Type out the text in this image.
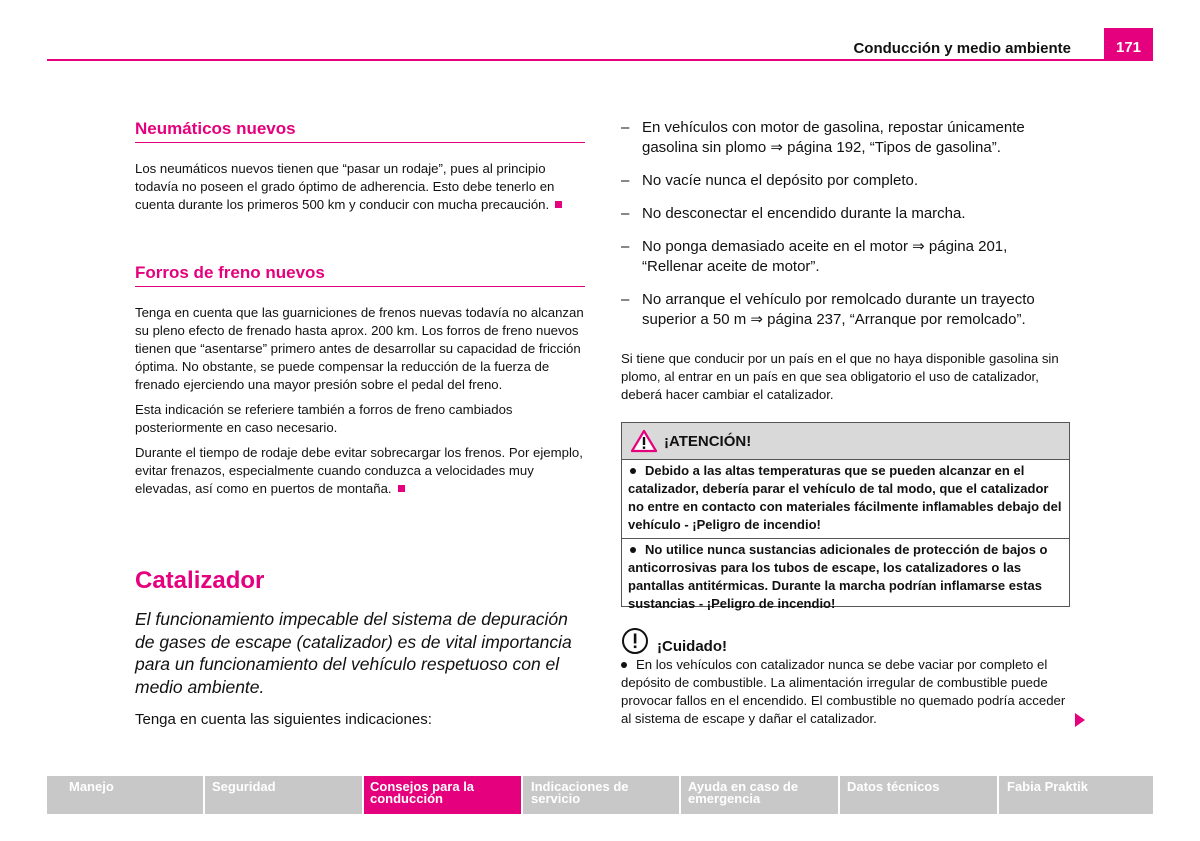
Conducción y medio ambiente	171
Neumáticos nuevos

Los neumáticos nuevos tienen que “pasar un rodaje”, pues al principio todavía no poseen el grado óptimo de adherencia. Esto debe tenerlo en cuenta durante los primeros 500 km y conducir con mucha precaución.

Forros de freno nuevos

Tenga en cuenta que las guarniciones de frenos nuevas todavía no alcanzan su pleno efecto de frenado hasta aprox. 200 km. Los forros de freno nuevos tienen que “asentarse” primero antes de desarrollar su capacidad de fricción óptima. No obstante, se puede compensar la reducción de la fuerza de frenado ejerciendo una mayor presión sobre el pedal del freno.

Esta indicación se referiere también a forros de freno cambiados posteriormente en caso necesario.

Durante el tiempo de rodaje debe evitar sobrecargar los frenos. Por ejemplo, evitar frenazos, especialmente cuando conduzca a velocidades muy elevadas, así como en puertos de montaña.

Catalizador
El funcionamiento impecable del sistema de depuración de gases de escape (catalizador) es de vital importancia para un funcionamiento del vehículo respetuoso con el medio ambiente.
Tenga en cuenta las siguientes indicaciones:
– En vehículos con motor de gasolina, repostar únicamente gasolina sin plomo ⇒ página 192, “Tipos de gasolina”.
– No vacíe nunca el depósito por completo.
– No desconectar el encendido durante la marcha.
– No ponga demasiado aceite en el motor ⇒ página 201, “Rellenar aceite de motor”.
– No arranque el vehículo por remolcado durante un trayecto superior a 50 m ⇒ página 237, “Arranque por remolcado”.
Si tiene que conducir por un país en el que no haya disponible gasolina sin plomo, al entrar en un país en que sea obligatorio el uso de catalizador, deberá hacer cambiar el catalizador.
¡ATENCIÓN!
Debido a las altas temperaturas que se pueden alcanzar en el catalizador, debería parar el vehículo de tal modo, que el catalizador no entre en contacto con materiales fácilmente inflamables debajo del vehículo - ¡Peligro de incendio!
No utilice nunca sustancias adicionales de protección de bajos o anticorrosivas para los tubos de escape, los catalizadores o las pantallas antitérmicas. Durante la marcha podrían inflamarse estas sustancias - ¡Peligro de incendio!
¡Cuidado!
En los vehículos con catalizador nunca se debe vaciar por completo el depósito de combustible. La alimentación irregular de combustible puede provocar fallos en el encendido. El combustible no quemado podría acceder al sistema de escape y dañar el catalizador.
Manejo	Seguridad	Consejos para la
conducción
Indicaciones de
servicio
Ayuda en caso de
emergencia
Datos técnicos	Fabia Praktik
